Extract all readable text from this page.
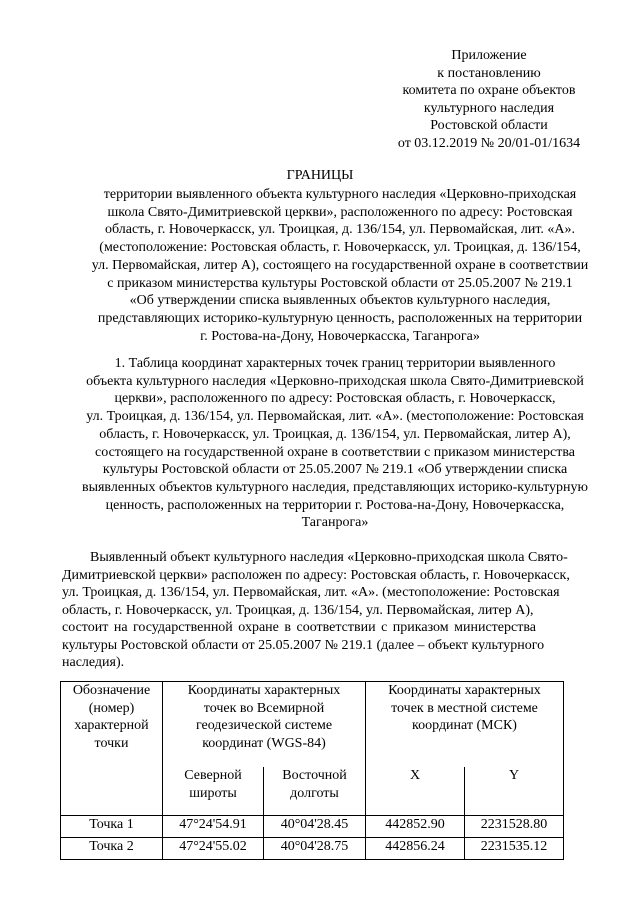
Приложение
к постановлению
комитета по охране объектов
культурного наследия
Ростовской области
от 03.12.2019 № 20/01-01/1634
ГРАНИЦЫ
территории выявленного объекта культурного наследия «Церковно-приходская
школа Свято-Димитриевской церкви», расположенного по адресу: Ростовская
область, г. Новочеркасск, ул. Троицкая, д. 136/154, ул. Первомайская, лит. «А».
(местоположение: Ростовская область, г. Новочеркасск, ул. Троицкая, д. 136/154,
ул. Первомайская, литер А), состоящего на государственной охране в соответствии
с приказом министерства культуры Ростовской области от 25.05.2007 № 219.1
«Об утверждении списка выявленных объектов культурного наследия,
представляющих историко-культурную ценность, расположенных на территории
г. Ростова-на-Дону, Новочеркасска, Таганрога»
1. Таблица координат характерных точек границ территории выявленного
объекта культурного наследия «Церковно-приходская школа Свято-Димитриевской
церкви», расположенного по адресу: Ростовская область, г. Новочеркасск,
ул. Троицкая, д. 136/154, ул. Первомайская, лит. «А». (местоположение: Ростовская
область, г. Новочеркасск, ул. Троицкая, д. 136/154, ул. Первомайская, литер А),
состоящего на государственной охране в соответствии с приказом министерства
культуры Ростовской области от 25.05.2007 № 219.1 «Об утверждении списка
выявленных объектов культурного наследия, представляющих историко-культурную
ценность, расположенных на территории г. Ростова-на-Дону, Новочеркасска,
Таганрога»
Выявленный объект культурного наследия «Церковно-приходская школа Свято-
Димитриевской церкви» расположен по адресу: Ростовская область, г. Новочеркасск,
ул. Троицкая, д. 136/154, ул. Первомайская, лит. «А». (местоположение: Ростовская
область, г. Новочеркасск, ул. Троицкая, д. 136/154, ул. Первомайская, литер А),
состоит на государственной охране в соответствии с приказом министерства
культуры Ростовской области от 25.05.2007 № 219.1 (далее – объект культурного
наследия).
Обозначение (номер) характерной точки	Координаты характерных точек во Всемирной геодезической системе координат (WGS-84)		Координаты характерных точек в местной системе координат (МСК)	
	Северной широты	Восточной долготы	X	Y
Точка 1	47°24'54.91	40°04'28.45	442852.90	2231528.80
Точка 2	47°24'55.02	40°04'28.75	442856.24	2231535.12
